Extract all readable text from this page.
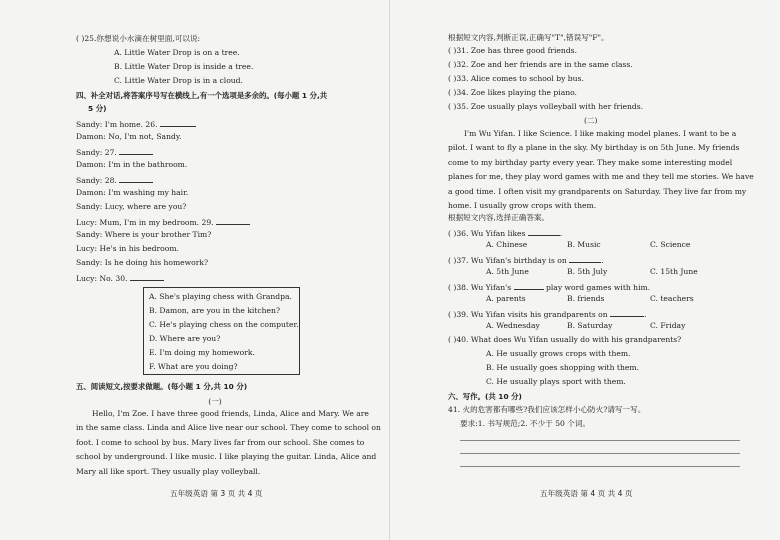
( )25.你想说小水滴在树里面,可以说:
A. Little Water Drop is on a tree.
B. Little Water Drop is inside a tree.
C. Little Water Drop is in a cloud.
四、补全对话,将答案序号写在横线上,有一个选项是多余的。(每小题 1 分,共
5 分)
Sandy: I'm home. 26.
Damon: No, I'm not, Sandy.
Sandy: 27.
Damon: I'm in the bathroom.
Sandy: 28.
Damon: I'm washing my hair.
Sandy: Lucy, where are you?
Lucy: Mum, I'm in my bedroom. 29.
Sandy: Where is your brother Tim?
Lucy: He's in his bedroom.
Sandy: Is he doing his homework?
Lucy: No. 30.
A. She's playing chess with Grandpa.
B. Damon, are you in the kitchen?
C. He's playing chess on the computer.
D. Where are you?
E. I'm doing my homework.
F. What are you doing?
五、阅读短文,按要求做题。(每小题 1 分,共 10 分)
(一)
Hello, I'm Zoe. I have three good friends, Linda, Alice and Mary. We are
in the same class. Linda and Alice live near our school. They come to school on
foot. I come to school by bus. Mary lives far from our school. She comes to
school by underground. I like music. I like playing the guitar. Linda, Alice and
Mary all like sport. They usually play volleyball.
五年级英语 第 3 页 共 4 页
根据短文内容,判断正误,正确写"T",错误写"F"。
( )31. Zoe has three good friends.
( )32. Zoe and her friends are in the same class.
( )33. Alice comes to school by bus.
( )34. Zoe likes playing the piano.
( )35. Zoe usually plays volleyball with her friends.
(二)
I'm Wu Yifan. I like Science. I like making model planes. I want to be a
pilot. I want to fly a plane in the sky. My birthday is on 5th June. My friends
come to my birthday party every year. They make some interesting model
planes for me, they play word games with me and they tell me stories. We have
a good time. I often visit my grandparents on Saturday. They live far from my
home. I usually grow crops with them.
根据短文内容,选择正确答案。
( )36. Wu Yifan likes	.
A. Chinese	B. Music	C. Science
( )37. Wu Yifan's birthday is on	.
A. 5th June	B. 5th July	C. 15th June
( )38. Wu Yifan's	play word games with him.
A. parents	B. friends	C. teachers
( )39. Wu Yifan visits his grandparents on	.
A. Wednesday	B. Saturday	C. Friday
( )40. What does Wu Yifan usually do with his grandparents?
A. He usually grows crops with them.
B. He usually goes shopping with them.
C. He usually plays sport with them.
六、写作。(共 10 分)
41. 火的危害都有哪些?我们应该怎样小心防火?请写一写。
要求:1. 书写规范;2. 不少于 50 个词。
五年级英语 第 4 页 共 4 页
